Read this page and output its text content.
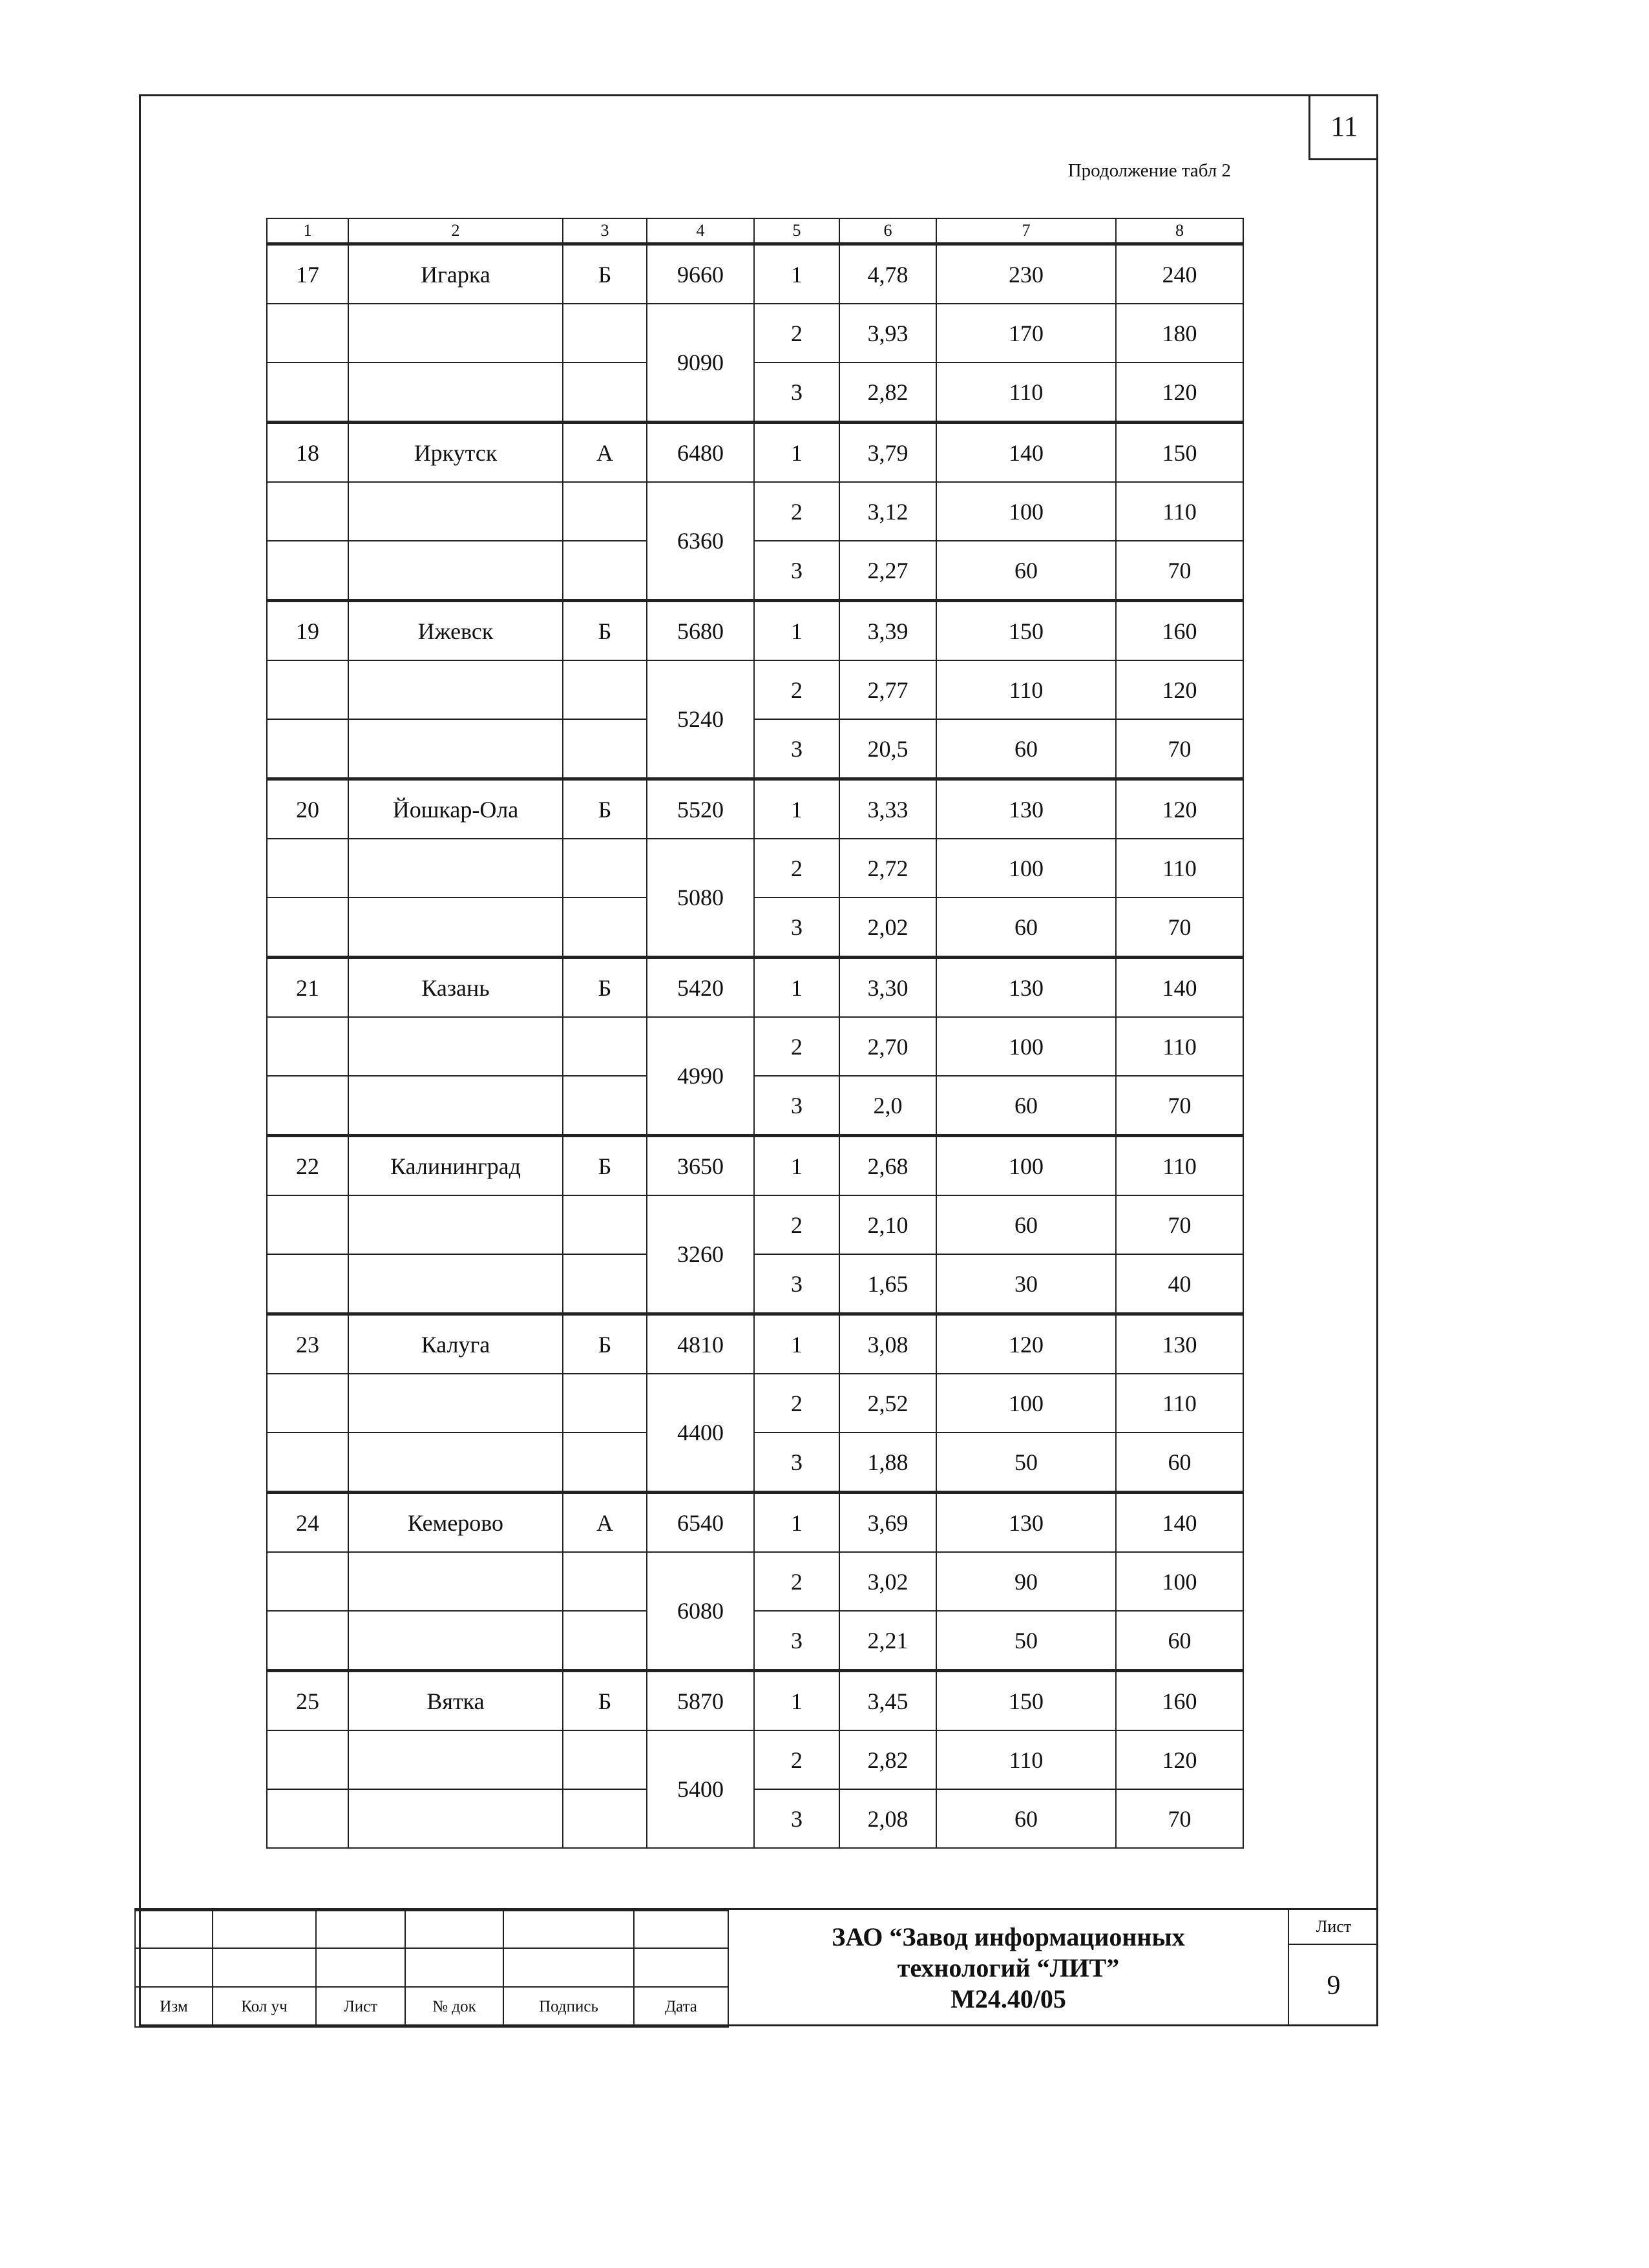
11
Продолжение табл 2
1	2	3	4	5	6	7	8
17	Игарка	Б	9660	1	4,78	230	240
			9090	2	3,93	170	180
				3	2,82	110	120
18	Иркутск	А	6480	1	3,79	140	150
			6360	2	3,12	100	110
				3	2,27	60	70
19	Ижевск	Б	5680	1	3,39	150	160
			5240	2	2,77	110	120
				3	20,5	60	70
20	Йошкар-Ола	Б	5520	1	3,33	130	120
			5080	2	2,72	100	110
				3	2,02	60	70
21	Казань	Б	5420	1	3,30	130	140
			4990	2	2,70	100	110
				3	2,0	60	70
22	Калининград	Б	3650	1	2,68	100	110
			3260	2	2,10	60	70
				3	1,65	30	40
23	Калуга	Б	4810	1	3,08	120	130
			4400	2	2,52	100	110
				3	1,88	50	60
24	Кемерово	А	6540	1	3,69	130	140
			6080	2	3,02	90	100
				3	2,21	50	60
25	Вятка	Б	5870	1	3,45	150	160
			5400	2	2,82	110	120
				3	2,08	60	70

Изм	Кол уч	Лист	№ док	Подпись	Дата
ЗАО “Завод информационных
технологий “ЛИТ”
М24.40/05
Лист
9
